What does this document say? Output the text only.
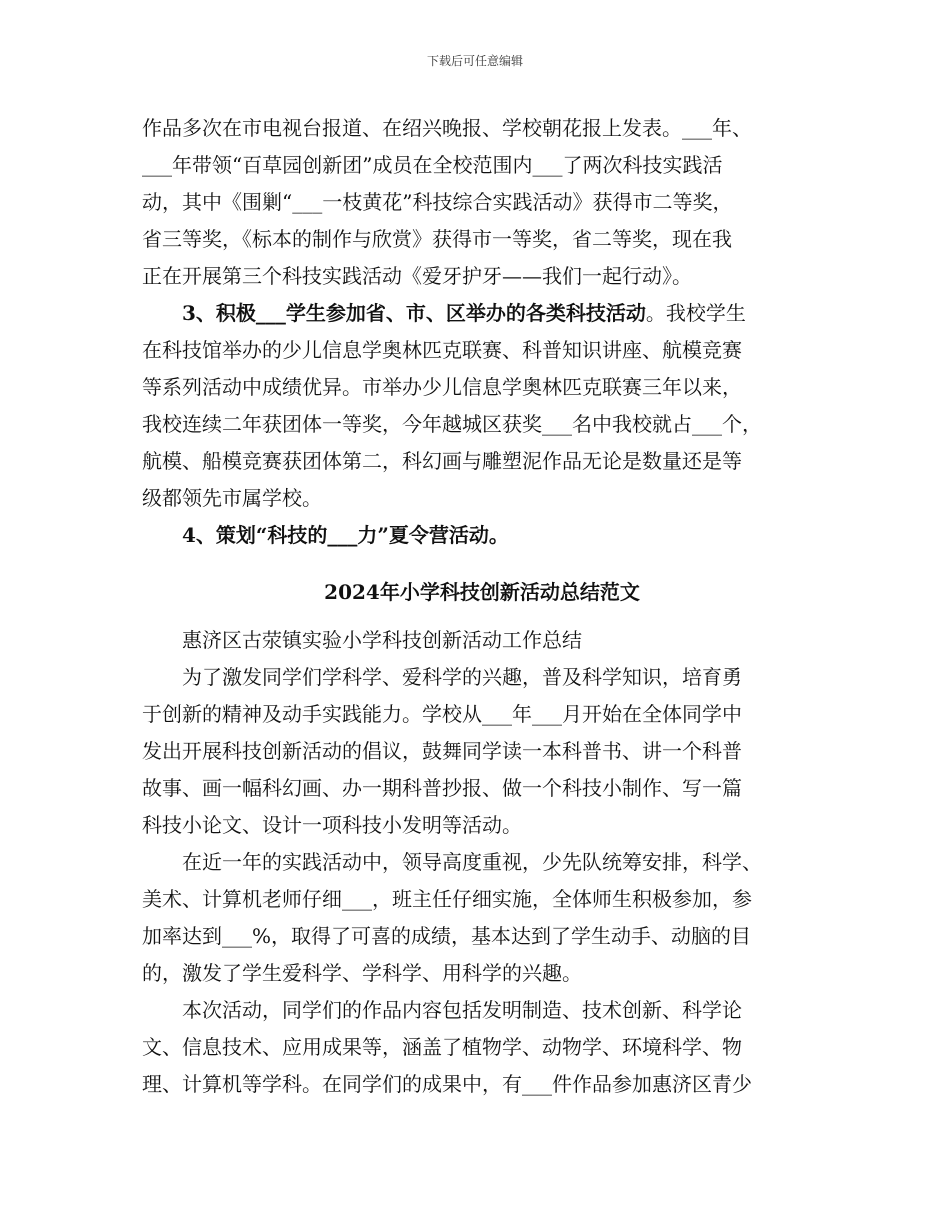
下载后可任意编辑
作品多次在市电视台报道、在绍兴晚报、学校朝花报上发表。___年、
___年带领“百草园创新团”成员在全校范围内___了两次科技实践活
动，其中《围剿“___一枝黄花”科技综合实践活动》获得市二等奖，
省三等奖，《标本的制作与欣赏》获得市一等奖，省二等奖，现在我
正在开展第三个科技实践活动《爱牙护牙——我们一起行动》。
3、积极___学生参加省、市、区举办的各类科技活动。我校学生
在科技馆举办的少儿信息学奥林匹克联赛、科普知识讲座、航模竞赛
等系列活动中成绩优异。市举办少儿信息学奥林匹克联赛三年以来，
我校连续二年获团体一等奖，今年越城区获奖___名中我校就占___个，
航模、船模竞赛获团体第二，科幻画与雕塑泥作品无论是数量还是等
级都领先市属学校。
4、策划“科技的___力”夏令营活动。
2024年小学科技创新活动总结范文
惠济区古荥镇实验小学科技创新活动工作总结
为了激发同学们学科学、爱科学的兴趣，普及科学知识，培育勇
于创新的精神及动手实践能力。学校从___年___月开始在全体同学中
发出开展科技创新活动的倡议，鼓舞同学读一本科普书、讲一个科普
故事、画一幅科幻画、办一期科普抄报、做一个科技小制作、写一篇
科技小论文、设计一项科技小发明等活动。
在近一年的实践活动中，领导高度重视，少先队统筹安排，科学、
美术、计算机老师仔细___，班主任仔细实施，全体师生积极参加，参
加率达到___%，取得了可喜的成绩，基本达到了学生动手、动脑的目
的，激发了学生爱科学、学科学、用科学的兴趣。
本次活动，同学们的作品内容包括发明制造、技术创新、科学论
文、信息技术、应用成果等，涵盖了植物学、动物学、环境科学、物
理、计算机等学科。在同学们的成果中，有___件作品参加惠济区青少
